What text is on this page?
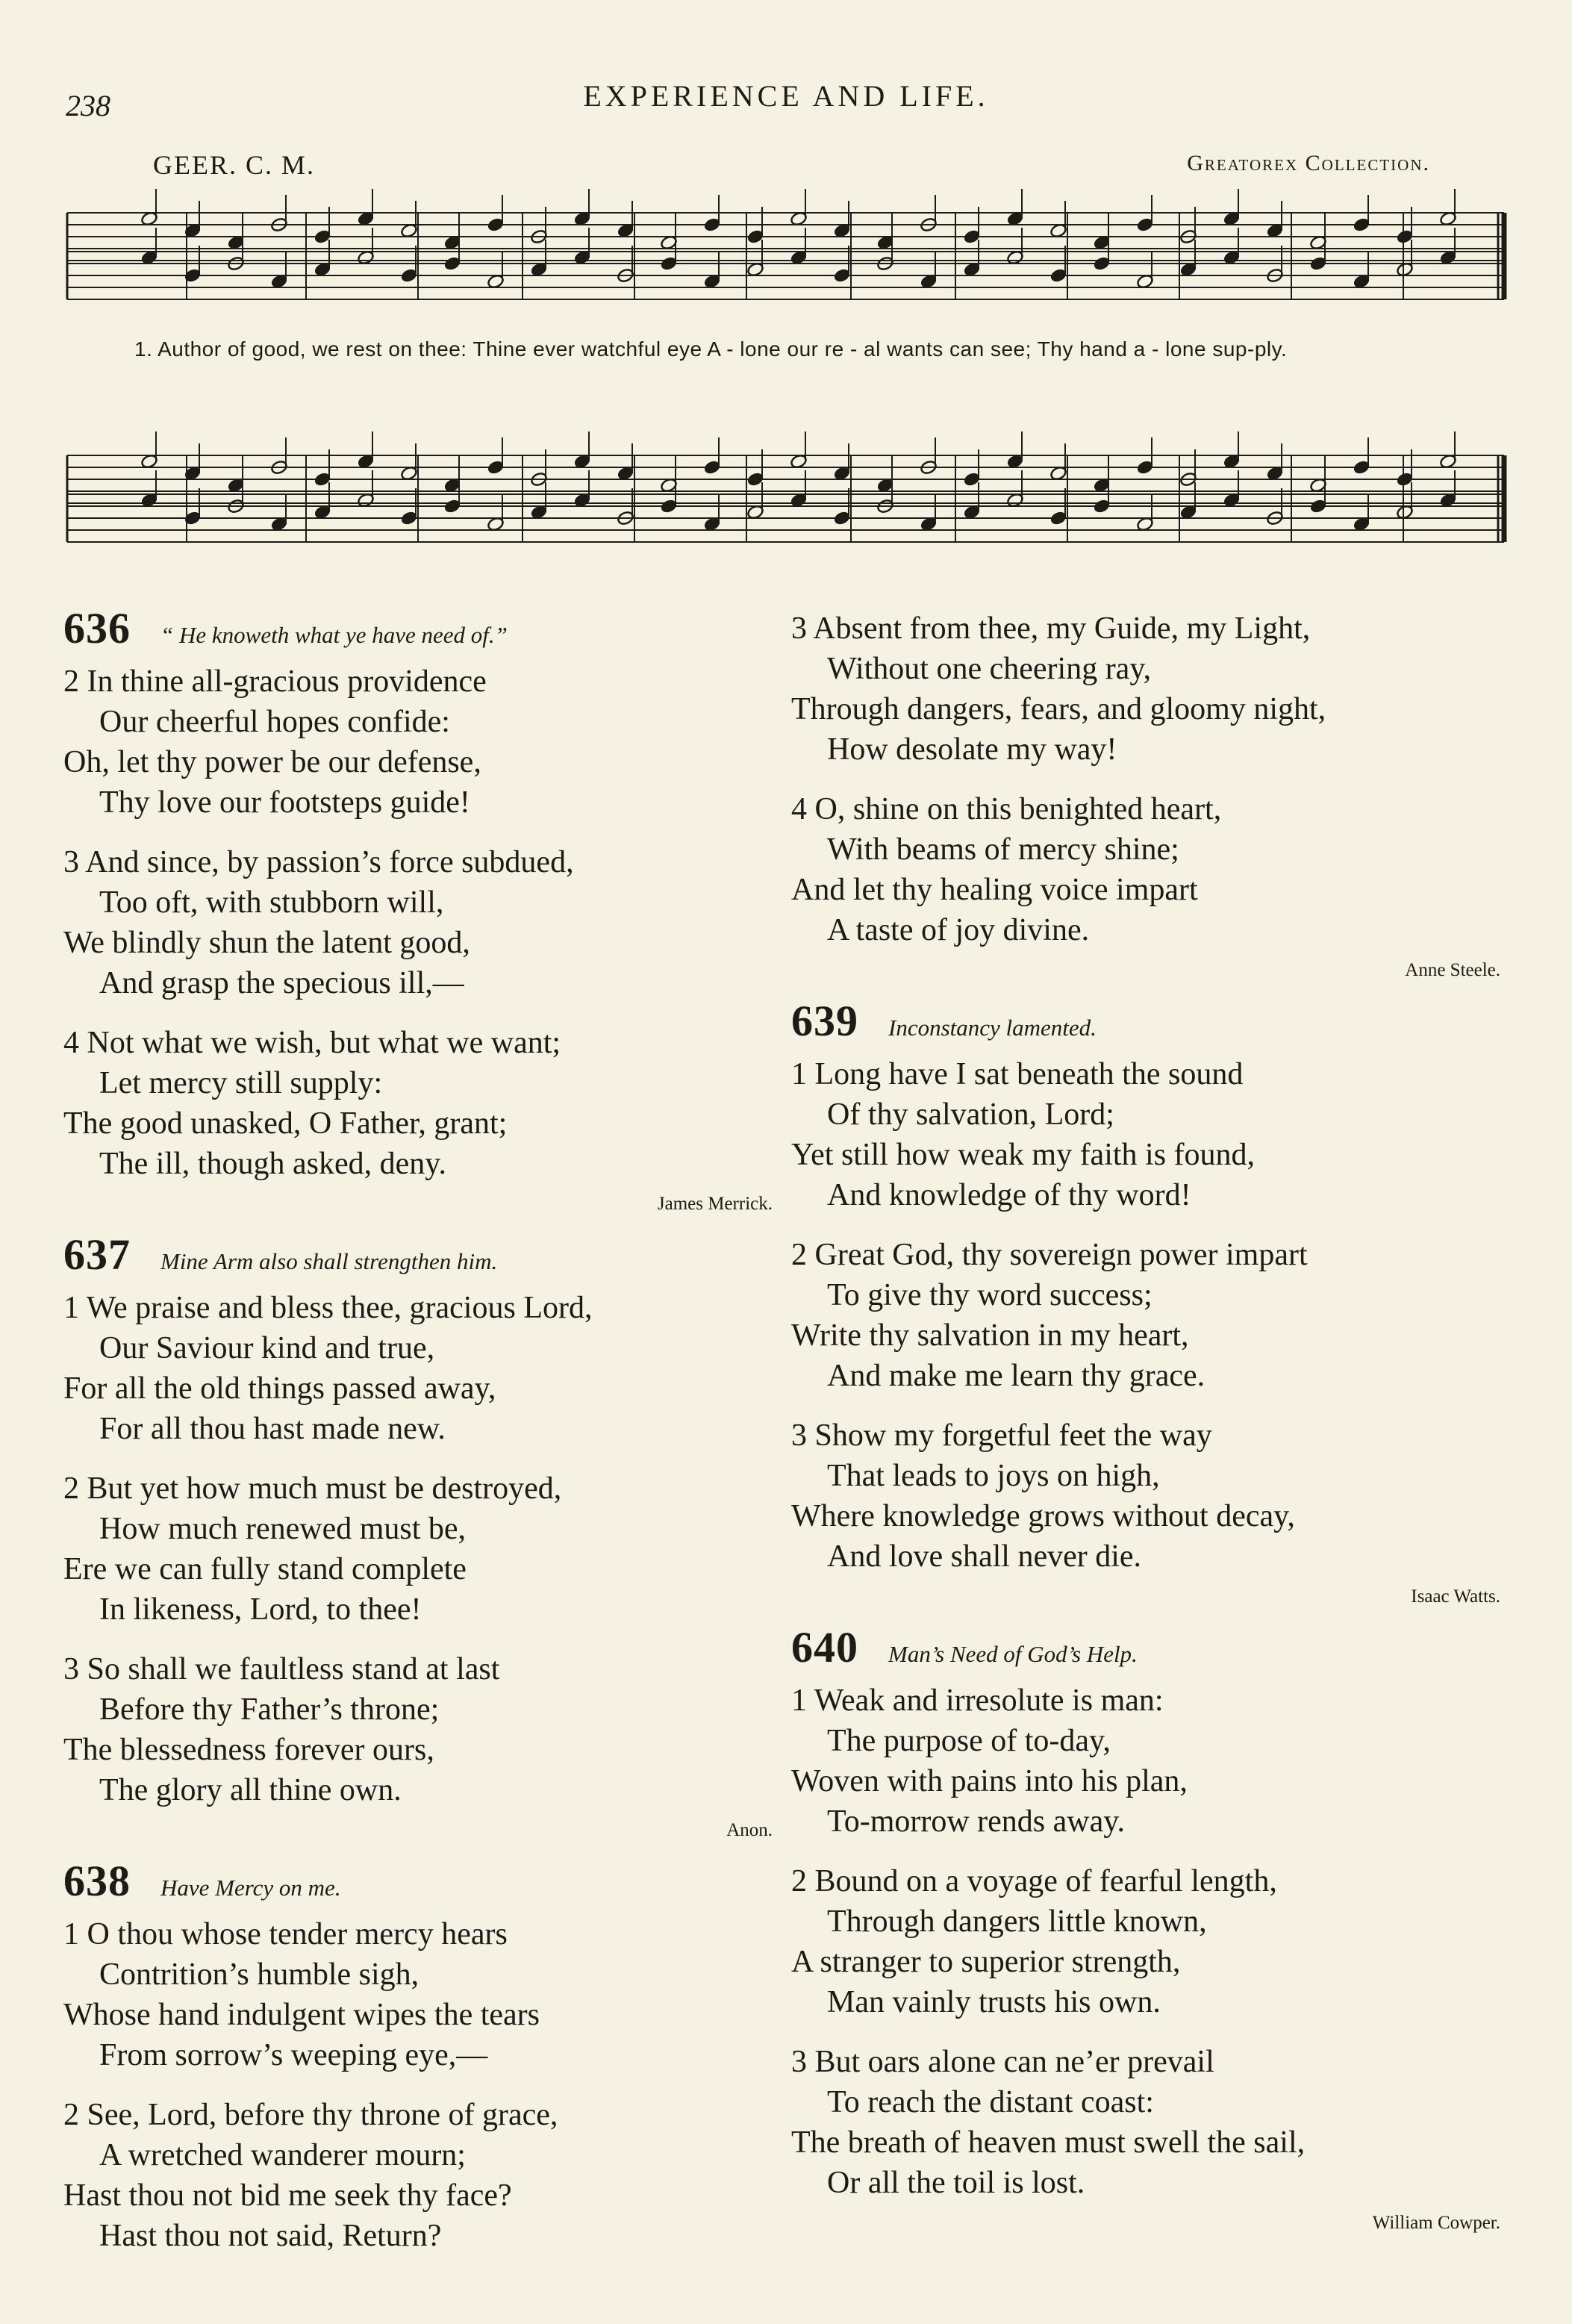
238	EXPERIENCE AND LIFE.
GEER. C. M.	Greatorex Collection.
1. Author of good, we rest on thee: Thine ever watchful eye A - lone our re - al wants can see; Thy hand a - lone sup-ply.
636 “ He knoweth what ye have need of.”
2 In thine all-gracious providence
Our cheerful hopes confide:
Oh, let thy power be our defense,
Thy love our footsteps guide!
3 And since, by passion’s force subdued,
Too oft, with stubborn will,
We blindly shun the latent good,
And grasp the specious ill,—
4 Not what we wish, but what we want;
Let mercy still supply:
The good unasked, O Father, grant;
The ill, though asked, deny.
James Merrick.
637 Mine Arm also shall strengthen him.
1 We praise and bless thee, gracious Lord,
Our Saviour kind and true,
For all the old things passed away,
For all thou hast made new.
2 But yet how much must be destroyed,
How much renewed must be,
Ere we can fully stand complete
In likeness, Lord, to thee!
3 So shall we faultless stand at last
Before thy Father’s throne;
The blessedness forever ours,
The glory all thine own.
Anon.
638 Have Mercy on me.
1 O thou whose tender mercy hears
Contrition’s humble sigh,
Whose hand indulgent wipes the tears
From sorrow’s weeping eye,—
2 See, Lord, before thy throne of grace,
A wretched wanderer mourn;
Hast thou not bid me seek thy face?
Hast thou not said, Return?
3 Absent from thee, my Guide, my Light,
Without one cheering ray,
Through dangers, fears, and gloomy night,
How desolate my way!
4 O, shine on this benighted heart,
With beams of mercy shine;
And let thy healing voice impart
A taste of joy divine.
Anne Steele.
639 Inconstancy lamented.
1 Long have I sat beneath the sound
Of thy salvation, Lord;
Yet still how weak my faith is found,
And knowledge of thy word!
2 Great God, thy sovereign power impart
To give thy word success;
Write thy salvation in my heart,
And make me learn thy grace.
3 Show my forgetful feet the way
That leads to joys on high,
Where knowledge grows without decay,
And love shall never die.
Isaac Watts.
640 Man’s Need of God’s Help.
1 Weak and irresolute is man:
The purpose of to-day,
Woven with pains into his plan,
To-morrow rends away.
2 Bound on a voyage of fearful length,
Through dangers little known,
A stranger to superior strength,
Man vainly trusts his own.
3 But oars alone can ne’er prevail
To reach the distant coast:
The breath of heaven must swell the sail,
Or all the toil is lost.
William Cowper.
